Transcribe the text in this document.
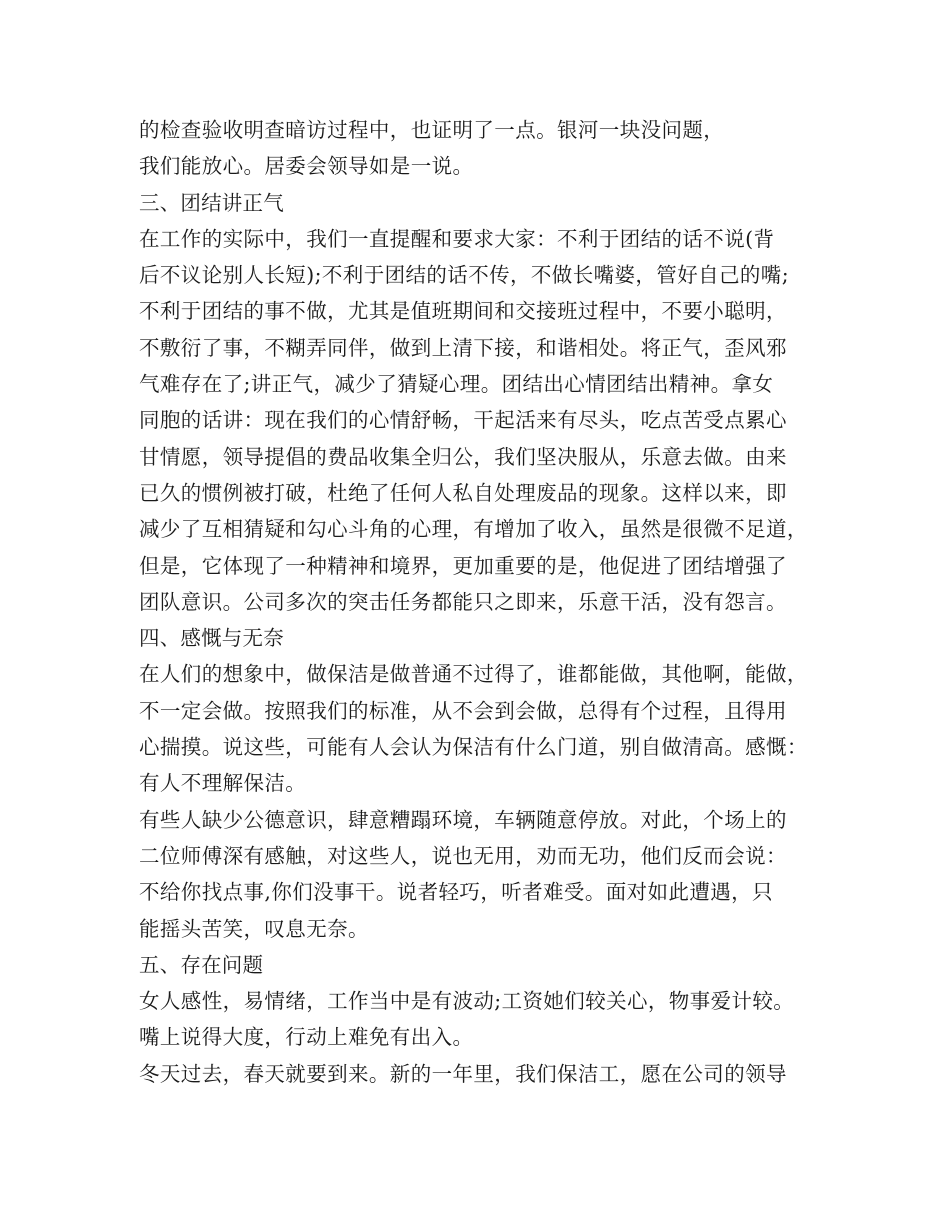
的检查验收明查暗访过程中，也证明了一点。银河一块没问题，
我们能放心。居委会领导如是一说。
三、团结讲正气
在工作的实际中，我们一直提醒和要求大家：不利于团结的话不说(背
后不议论别人长短);不利于团结的话不传，不做长嘴婆，管好自己的嘴;
不利于团结的事不做，尤其是值班期间和交接班过程中，不要小聪明，
不敷衍了事，不糊弄同伴，做到上清下接，和谐相处。将正气，歪风邪
气难存在了;讲正气，减少了猜疑心理。团结出心情团结出精神。拿女
同胞的话讲：现在我们的心情舒畅，干起活来有尽头，吃点苦受点累心
甘情愿，领导提倡的费品收集全归公，我们坚决服从，乐意去做。由来
已久的惯例被打破，杜绝了任何人私自处理废品的现象。这样以来，即
减少了互相猜疑和勾心斗角的心理，有增加了收入，虽然是很微不足道，
但是，它体现了一种精神和境界，更加重要的是，他促进了团结增强了
团队意识。公司多次的突击任务都能只之即来，乐意干活，没有怨言。
四、感慨与无奈
在人们的想象中，做保洁是做普通不过得了，谁都能做，其他啊，能做，
不一定会做。按照我们的标准，从不会到会做，总得有个过程，且得用
心揣摸。说这些，可能有人会认为保洁有什么门道，别自做清高。感慨：
有人不理解保洁。
有些人缺少公德意识，肆意糟蹋环境，车辆随意停放。对此，个场上的
二位师傅深有感触，对这些人，说也无用，劝而无功，他们反而会说：
不给你找点事,你们没事干。说者轻巧，听者难受。面对如此遭遇，只
能摇头苦笑，叹息无奈。
五、存在问题
女人感性，易情绪，工作当中是有波动;工资她们较关心，物事爱计较。
嘴上说得大度，行动上难免有出入。
冬天过去，春天就要到来。新的一年里，我们保洁工，愿在公司的领导
